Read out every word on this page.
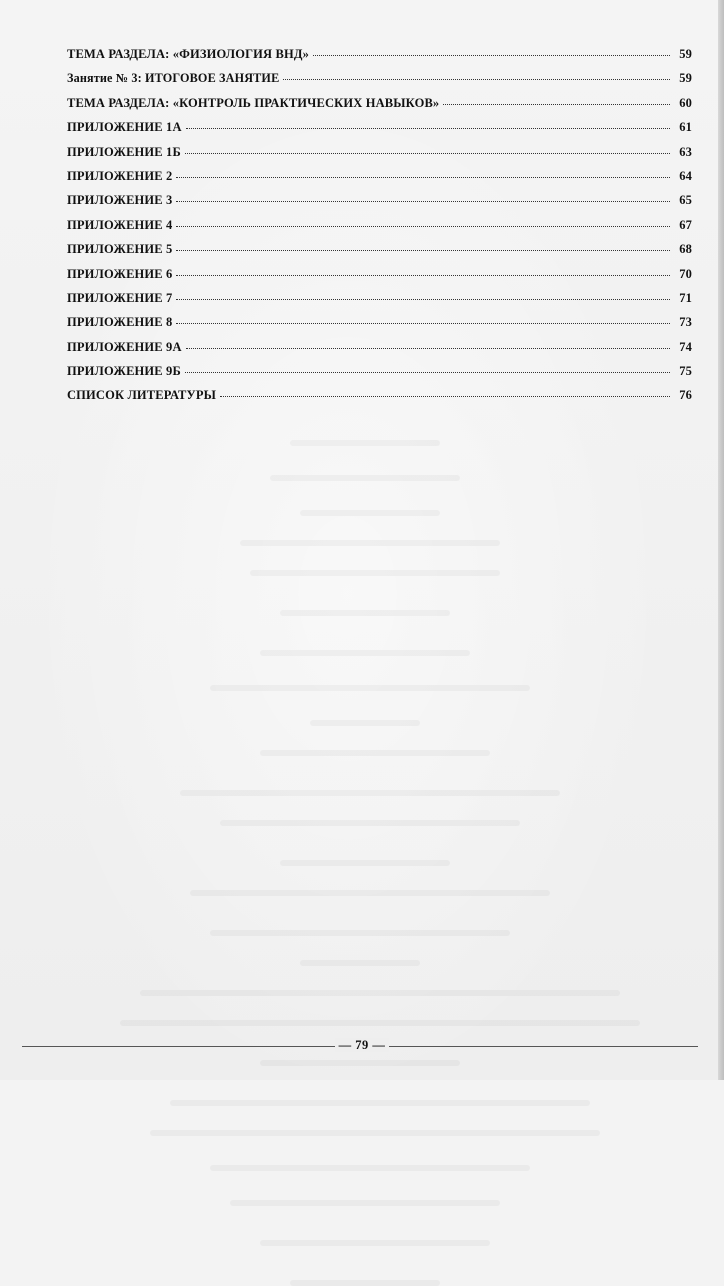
ТЕМА РАЗДЕЛА: «ФИЗИОЛОГИЯ ВНД»	59
Занятие № 3: ИТОГОВОЕ ЗАНЯТИЕ	59
ТЕМА РАЗДЕЛА: «КОНТРОЛЬ ПРАКТИЧЕСКИХ НАВЫКОВ»	60
ПРИЛОЖЕНИЕ 1А	61
ПРИЛОЖЕНИЕ 1Б	63
ПРИЛОЖЕНИЕ 2	64
ПРИЛОЖЕНИЕ 3	65
ПРИЛОЖЕНИЕ 4	67
ПРИЛОЖЕНИЕ 5	68
ПРИЛОЖЕНИЕ 6	70
ПРИЛОЖЕНИЕ 7	71
ПРИЛОЖЕНИЕ 8	73
ПРИЛОЖЕНИЕ 9А	74
ПРИЛОЖЕНИЕ 9Б	75
СПИСОК ЛИТЕРАТУРЫ	76
— 79 —
